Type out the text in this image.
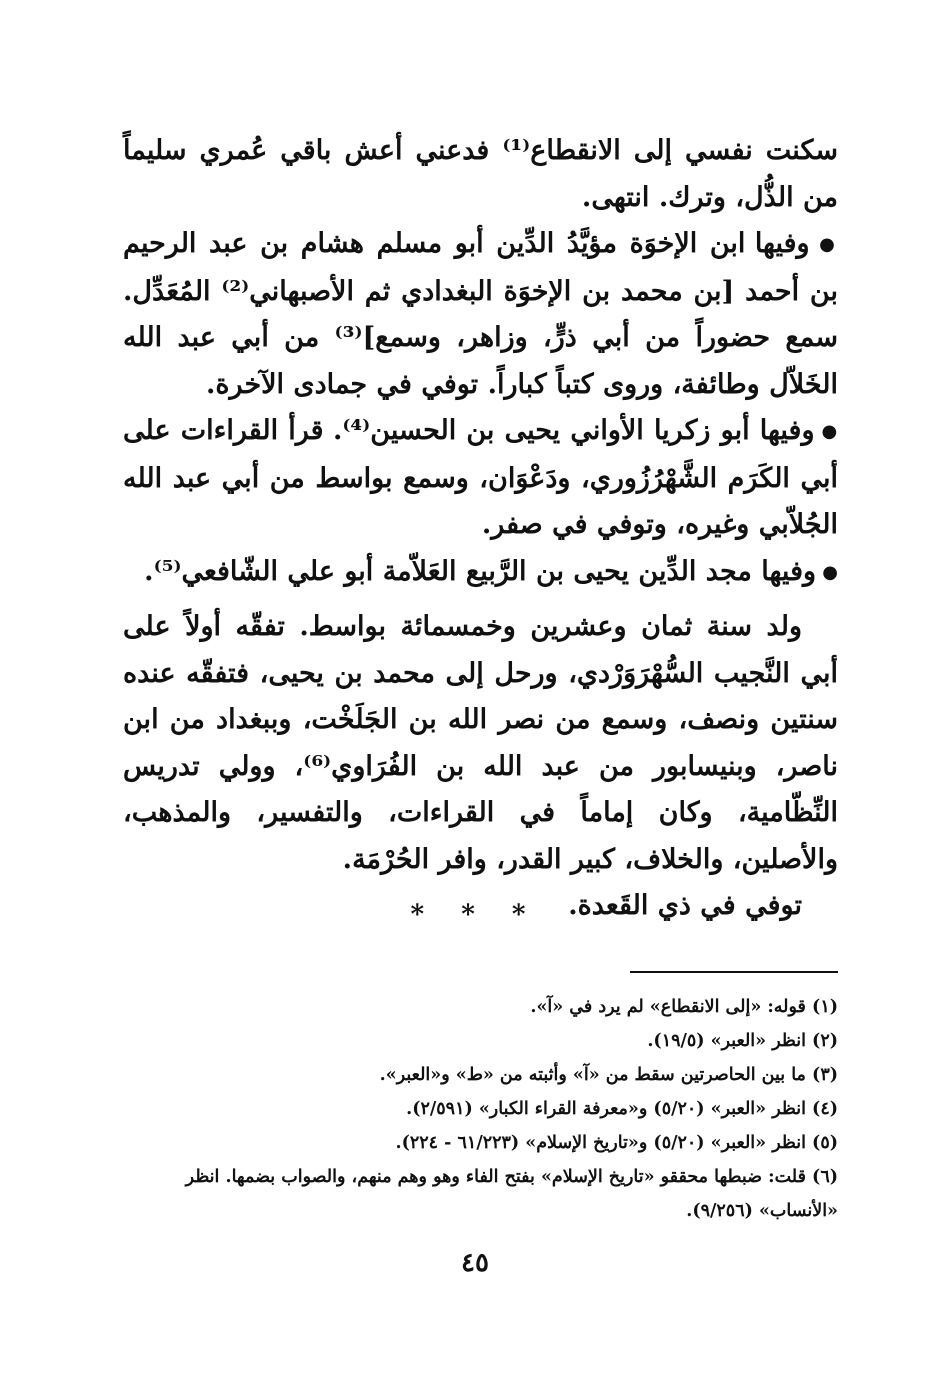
سكنت نفسي إلى الانقطاع⁽¹⁾ فدعني أعش باقي عُمري سليماً من الذُّل، وترك. انتهى.

● وفيها ابن الإخوَة مؤيَّدُ الدِّين أبو مسلم هشام بن عبد الرحيم بن أحمد [بن محمد بن الإخوَة البغدادي ثم الأصبهاني⁽²⁾ المُعَدِّل. سمع حضوراً من أبي ذرٍّ، وزاهر، وسمع]⁽³⁾ من أبي عبد الله الخَلاّل وطائفة، وروى كتباً كباراً. توفي في جمادى الآخرة.

● وفيها أبو زكريا الأواني يحيى بن الحسين⁽⁴⁾. قرأ القراءات على أبي الكَرَم الشَّهْرُزُوري، ودَعْوَان، وسمع بواسط من أبي عبد الله الجُلاّبي وغيره، وتوفي في صفر.

● وفيها مجد الدِّين يحيى بن الرَّبيع العَلاّمة أبو علي الشّافعي⁽⁵⁾.

ولد سنة ثمان وعشرين وخمسمائة بواسط. تفقّه أولاً على أبي النَّجيب السُّهْرَوَرْدي، ورحل إلى محمد بن يحيى، فتفقّه عنده سنتين ونصف، وسمع من نصر الله بن الجَلَخْت، وببغداد من ابن ناصر، وبنيسابور من عبد الله بن الفُرَاوي⁽⁶⁾، وولي تدريس النِّظّامية، وكان إماماً في القراءات، والتفسير، والمذهب، والأصلين، والخلاف، كبير القدر، وافر الحُرْمَة.

توفي في ذي القَعدة.

* * *
(١) قوله: «إلى الانقطاع» لم يرد في «آ».
(٢) انظر «العبر» (١٩/٥).
(٣) ما بين الحاصرتين سقط من «آ» وأثبته من «ط» و«العبر».
(٤) انظر «العبر» (٥/٢٠) و«معرفة القراء الكبار» (٢/٥٩١).
(٥) انظر «العبر» (٥/٢٠) و«تاريخ الإسلام» (٦١/٢٢٣ - ٢٢٤).
(٦) قلت: ضبطها محققو «تاريخ الإسلام» بفتح الفاء وهو وهم منهم، والصواب بضمها. انظر «الأنساب» (٩/٢٥٦).
٤٥
